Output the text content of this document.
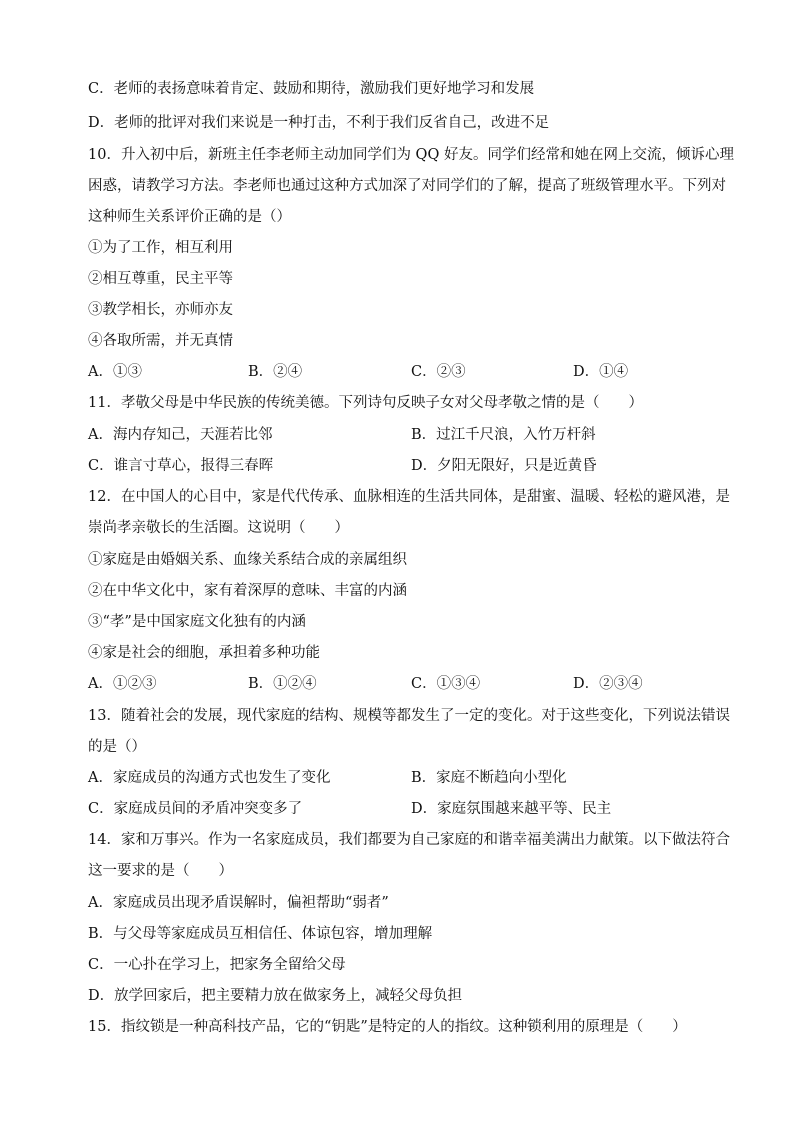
C．老师的表扬意味着肯定、鼓励和期待，激励我们更好地学习和发展
D．老师的批评对我们来说是一种打击，不利于我们反省自己，改进不足
10．升入初中后，新班主任李老师主动加同学们为 QQ 好友。同学们经常和她在网上交流，倾诉心理
困惑，请教学习方法。李老师也通过这种方式加深了对同学们的了解，提高了班级管理水平。下列对
这种师生关系评价正确的是（）
①为了工作，相互利用
②相互尊重，民主平等
③教学相长，亦师亦友
④各取所需，并无真情
A．①③	B．②④	C．②③	D．①④
11．孝敬父母是中华民族的传统美德。下列诗句反映子女对父母孝敬之情的是（　　）
A．海内存知己，天涯若比邻	B．过江千尺浪，入竹万杆斜
C．谁言寸草心，报得三春晖	D．夕阳无限好，只是近黄昏
12．在中国人的心目中，家是代代传承、血脉相连的生活共同体，是甜蜜、温暖、轻松的避风港，是
崇尚孝亲敬长的生活圈。这说明（　　）
①家庭是由婚姻关系、血缘关系结合成的亲属组织
②在中华文化中，家有着深厚的意味、丰富的内涵
③“孝”是中国家庭文化独有的内涵
④家是社会的细胞，承担着多种功能
A．①②③	B．①②④	C．①③④	D．②③④
13．随着社会的发展，现代家庭的结构、规模等都发生了一定的变化。对于这些变化，下列说法错误
的是（）
A．家庭成员的沟通方式也发生了变化	B．家庭不断趋向小型化
C．家庭成员间的矛盾冲突变多了	D．家庭氛围越来越平等、民主
14．家和万事兴。作为一名家庭成员，我们都要为自己家庭的和谐幸福美满出力献策。以下做法符合
这一要求的是（　　）
A．家庭成员出现矛盾误解时，偏袒帮助“弱者”
B．与父母等家庭成员互相信任、体谅包容，增加理解
C．一心扑在学习上，把家务全留给父母
D．放学回家后，把主要精力放在做家务上，减轻父母负担
15．指纹锁是一种高科技产品，它的“钥匙”是特定的人的指纹。这种锁利用的原理是（　　）
